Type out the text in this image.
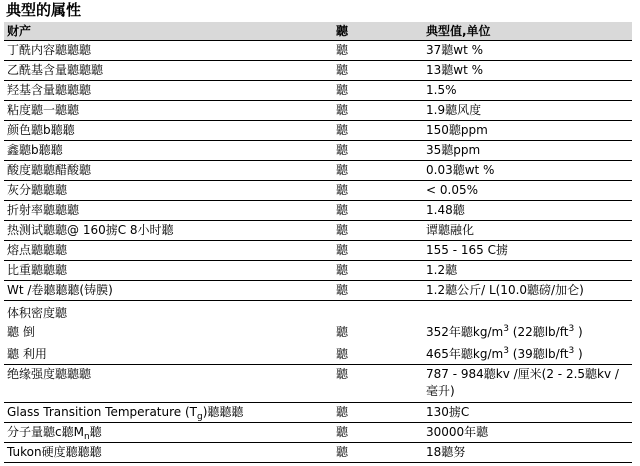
典型的属性
财产	聽	典型值,单位
丁酰内容聽聽聽	聽	37聽wt %
乙酰基含量聽聽聽	聽	13聽wt %
羟基含量聽聽聽	聽	1.5%
粘度聽一聽聽	聽	1.9聽风度
颜色聽b聽聽	聽	150聽ppm
鑫聽b聽聽	聽	35聽ppm
酸度聽聽醋酸聽	聽	0.03聽wt %
灰分聽聽聽	聽	< 0.05%
折射率聽聽聽	聽	1.48聽
热测试聽聽@ 160掳C 8小时聽	聽	谭聽融化
熔点聽聽聽	聽	155 - 165 C掳
比重聽聽聽	聽	1.2聽
Wt /卷聽聽聽(铸膜)	聽	1.2聽公斤/ L(10.0聽磅/加仑)
体积密度聽		
聽 倒	聽	352年聽$kg/m^3$ (22聽$lb/ft^3$ )
聽 利用	聽	465年聽$kg/m^3$ (39聽$lb/ft^3$ )
绝缘强度聽聽聽	聽	787 - 984聽kv /厘米(2 - 2.5聽kv /毫升)
Glass Transition Temperature $(T_g)$聽聽聽	聽	130掳C
分子量聽c聽$M_n$聽	聽	30000年聽
Tukon硬度聽聽聽	聽	18聽努
